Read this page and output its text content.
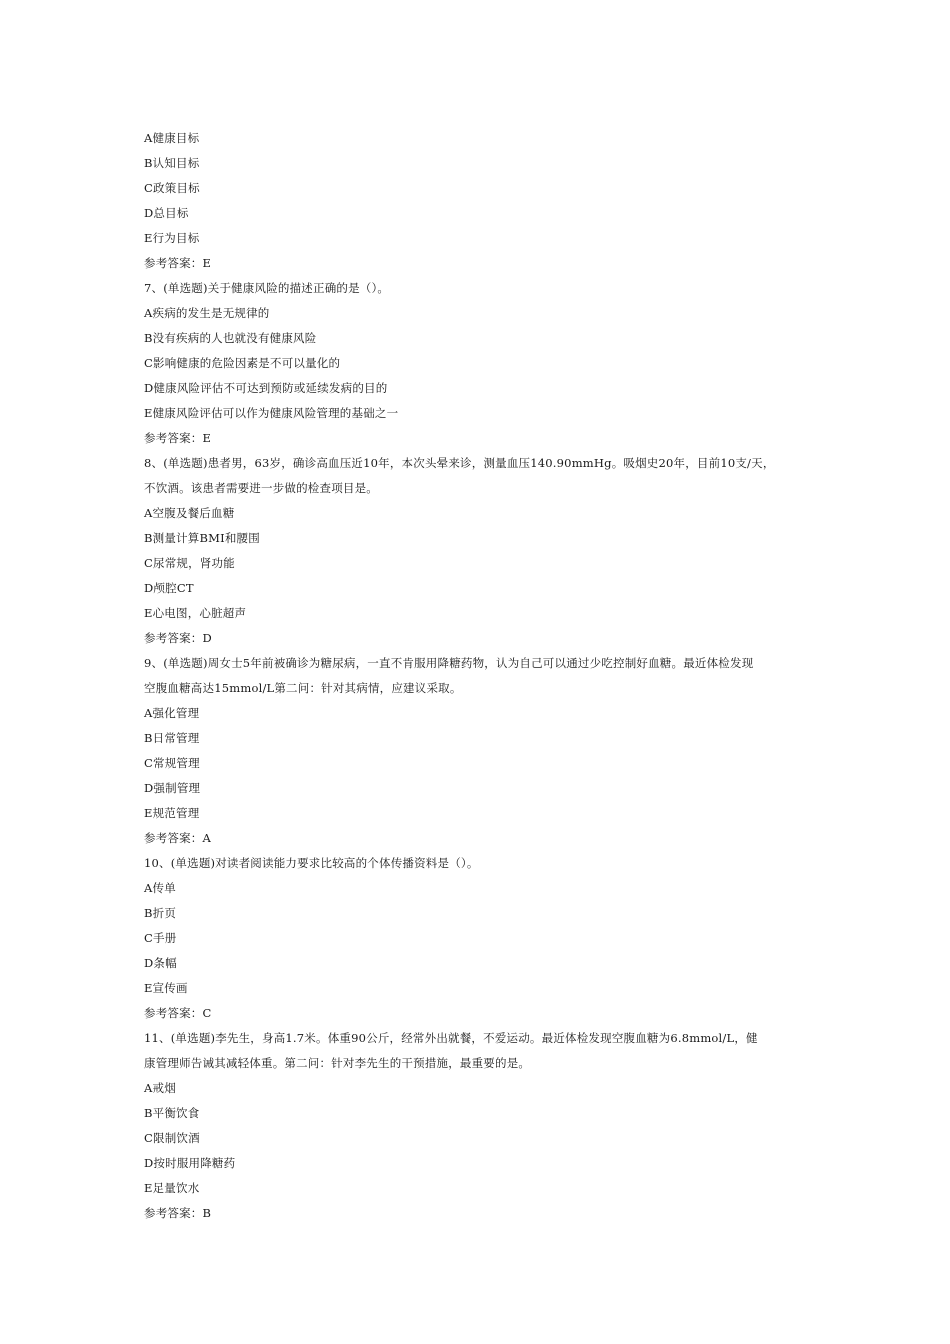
A健康目标
B认知目标
C政策目标
D总目标
E行为目标
参考答案：E
7、(单选题)关于健康风险的描述正确的是（）。
A疾病的发生是无规律的
B没有疾病的人也就没有健康风险
C影响健康的危险因素是不可以量化的
D健康风险评估不可达到预防或延续发病的目的
E健康风险评估可以作为健康风险管理的基础之一
参考答案：E
8、(单选题)患者男，63岁，确诊高血压近10年，本次头晕来诊，测量血压140.90mmHg。吸烟史20年，目前10支/天，
不饮酒。该患者需要进一步做的检查项目是。
A空腹及餐后血糖
B测量计算BMI和腰围
C尿常规，肾功能
D颅腔CT
E心电图，心脏超声
参考答案：D
9、(单选题)周女士5年前被确诊为糖尿病，一直不肯服用降糖药物，认为自己可以通过少吃控制好血糖。最近体检发现
空腹血糖高达15mmol/L第二问：针对其病情，应建议采取。
A强化管理
B日常管理
C常规管理
D强制管理
E规范管理
参考答案：A
10、(单选题)对读者阅读能力要求比较高的个体传播资料是（）。
A传单
B折页
C手册
D条幅
E宣传画
参考答案：C
11、(单选题)李先生，身高1.7米。体重90公斤，经常外出就餐，不爱运动。最近体检发现空腹血糖为6.8mmol/L，健
康管理师告诫其减轻体重。第二问：针对李先生的干预措施，最重要的是。
A戒烟
B平衡饮食
C限制饮酒
D按时服用降糖药
E足量饮水
参考答案：B
